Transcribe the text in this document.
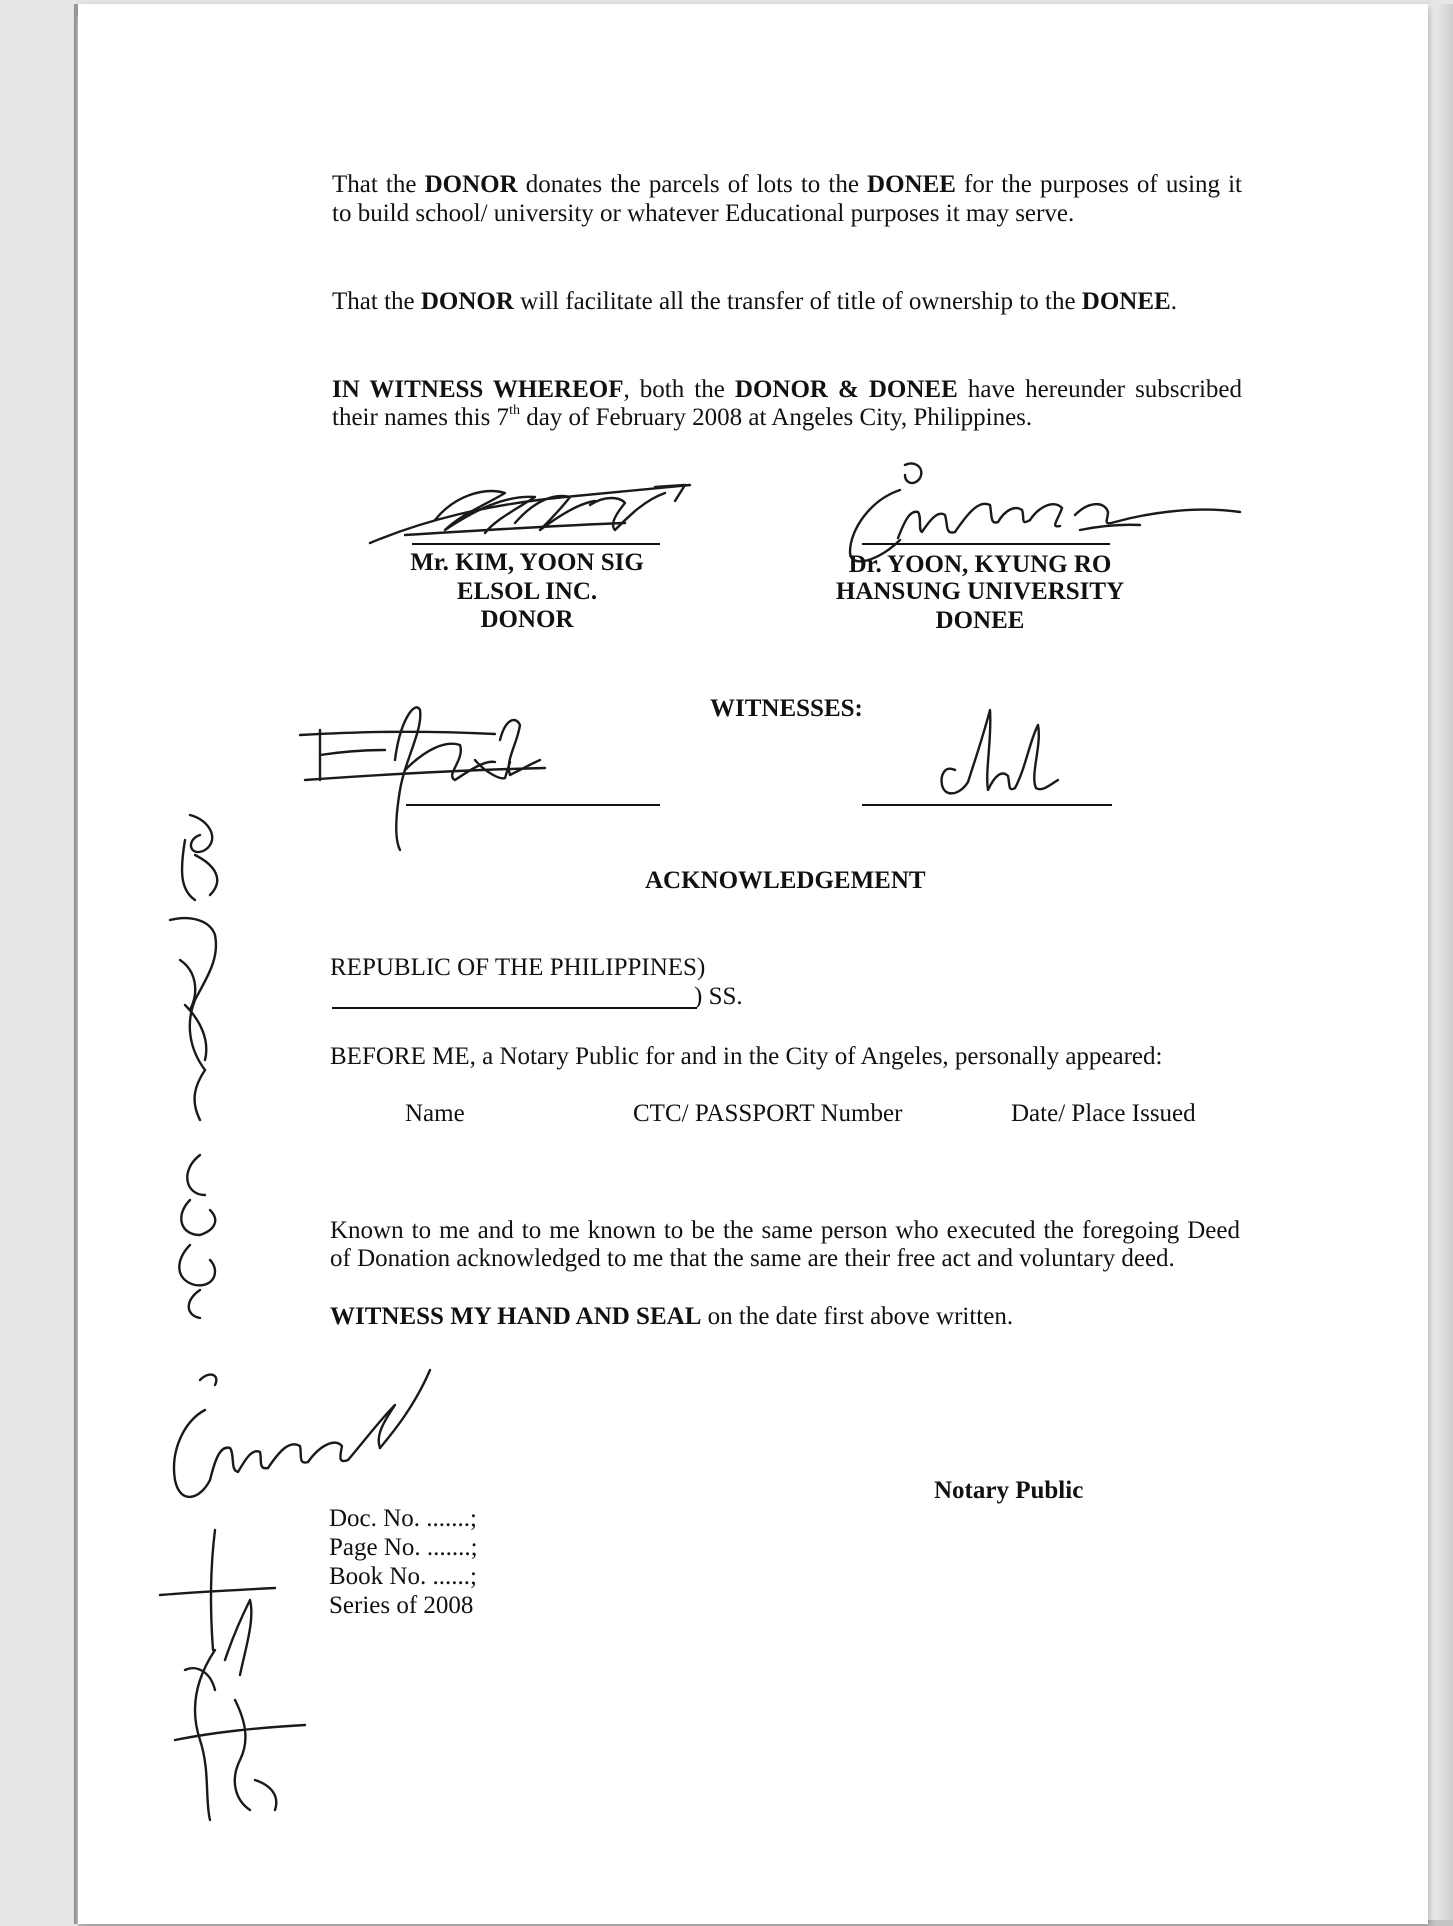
That the DONOR donates the parcels of lots to the DONEE for the purposes of using it
to build school/ university or whatever Educational purposes it may serve.
That the DONOR will facilitate all the transfer of title of ownership to the DONEE.
IN WITNESS WHEREOF, both the DONOR & DONEE have hereunder subscribed
their names this 7th day of February 2008 at Angeles City, Philippines.
Mr. KIM, YOON SIG
ELSOL INC.
DONOR
Dr. YOON, KYUNG RO
HANSUNG UNIVERSITY
DONEE
WITNESSES:
ACKNOWLEDGEMENT
REPUBLIC OF THE PHILIPPINES)
) SS.
BEFORE ME, a Notary Public for and in the City of Angeles, personally appeared:
Name	CTC/ PASSPORT Number	Date/ Place Issued
Known to me and to me known to be the same person who executed the foregoing Deed
of Donation acknowledged to me that the same are their free act and voluntary deed.
WITNESS MY HAND AND SEAL on the date first above written.
Notary Public
Doc. No. .......;
Page No. .......;
Book No. ......;
Series of 2008
